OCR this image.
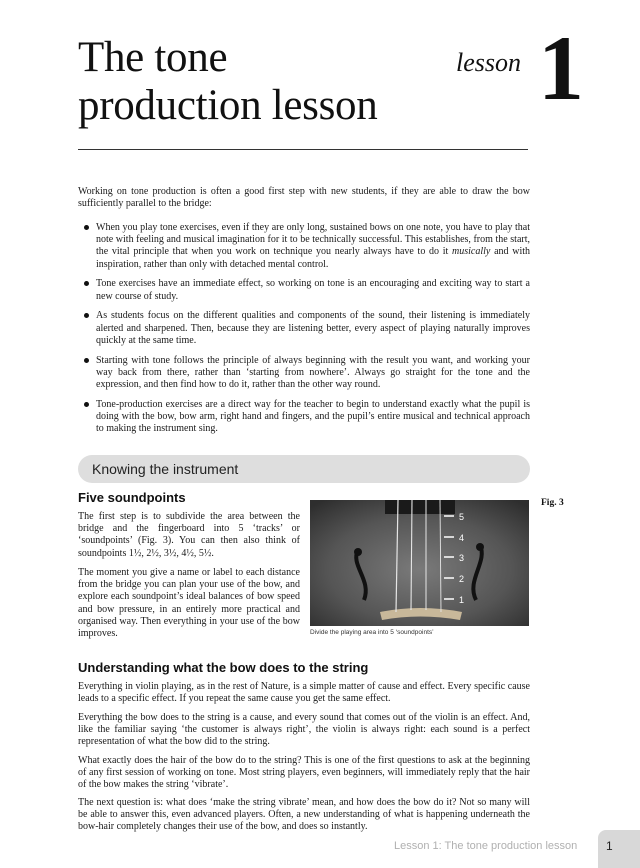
The tone
production lesson
lesson 1

Working on tone production is often a good first step with new students, if they are able to draw the bow sufficiently parallel to the bridge:

When you play tone exercises, even if they are only long, sustained bows on one note, you have to play that note with feeling and musical imagination for it to be technically successful. This establishes, from the start, the vital principle that when you work on technique you nearly always have to do it musically and with inspiration, rather than only with detached mental control.
Tone exercises have an immediate effect, so working on tone is an encouraging and exciting way to start a new course of study.
As students focus on the different qualities and components of the sound, their listening is immediately alerted and sharpened. Then, because they are listening better, every aspect of playing naturally improves quickly at the same time.
Starting with tone follows the principle of always beginning with the result you want, and working your way back from there, rather than ‘starting from nowhere’. Always go straight for the tone and the expression, and then find how to do it, rather than the other way round.
Tone-production exercises are a direct way for the teacher to begin to understand exactly what the pupil is doing with the bow, bow arm, right hand and fingers, and the pupil’s entire musical and technical approach to making the instrument sing.
Knowing the instrument
Five soundpoints

The first step is to subdivide the area between the bridge and the fingerboard into 5 ‘tracks’ or ‘soundpoints’ (Fig. 3). You can then also think of soundpoints 1½, 2½, 3½, 4½, 5½.

The moment you give a name or label to each distance from the bridge you can plan your use of the bow, and explore each soundpoint’s ideal balances of bow speed and bow pressure, in an entirely more practical and organised way. Then everything in your use of the bow improves.

5
4
3
2
1
Divide the playing area into 5 ‘soundpoints’
Fig. 3
Understanding what the bow does to the string

Everything in violin playing, as in the rest of Nature, is a simple matter of cause and effect. Every specific cause leads to a specific effect. If you repeat the same cause you get the same effect.

Everything the bow does to the string is a cause, and every sound that comes out of the violin is an effect. And, like the familiar saying ‘the customer is always right’, the violin is always right: each sound is a perfect representation of what the bow did to the string.

What exactly does the hair of the bow do to the string? This is one of the first questions to ask at the beginning of any first session of working on tone. Most string players, even beginners, will immediately reply that the hair of the bow makes the string ‘vibrate’.

The next question is: what does ‘make the string vibrate’ mean, and how does the bow do it? Not so many will be able to answer this, even advanced players. Often, a new understanding of what is happening underneath the bow-hair completely changes their use of the bow, and does so instantly.

Lesson 1: The tone production lesson 1
